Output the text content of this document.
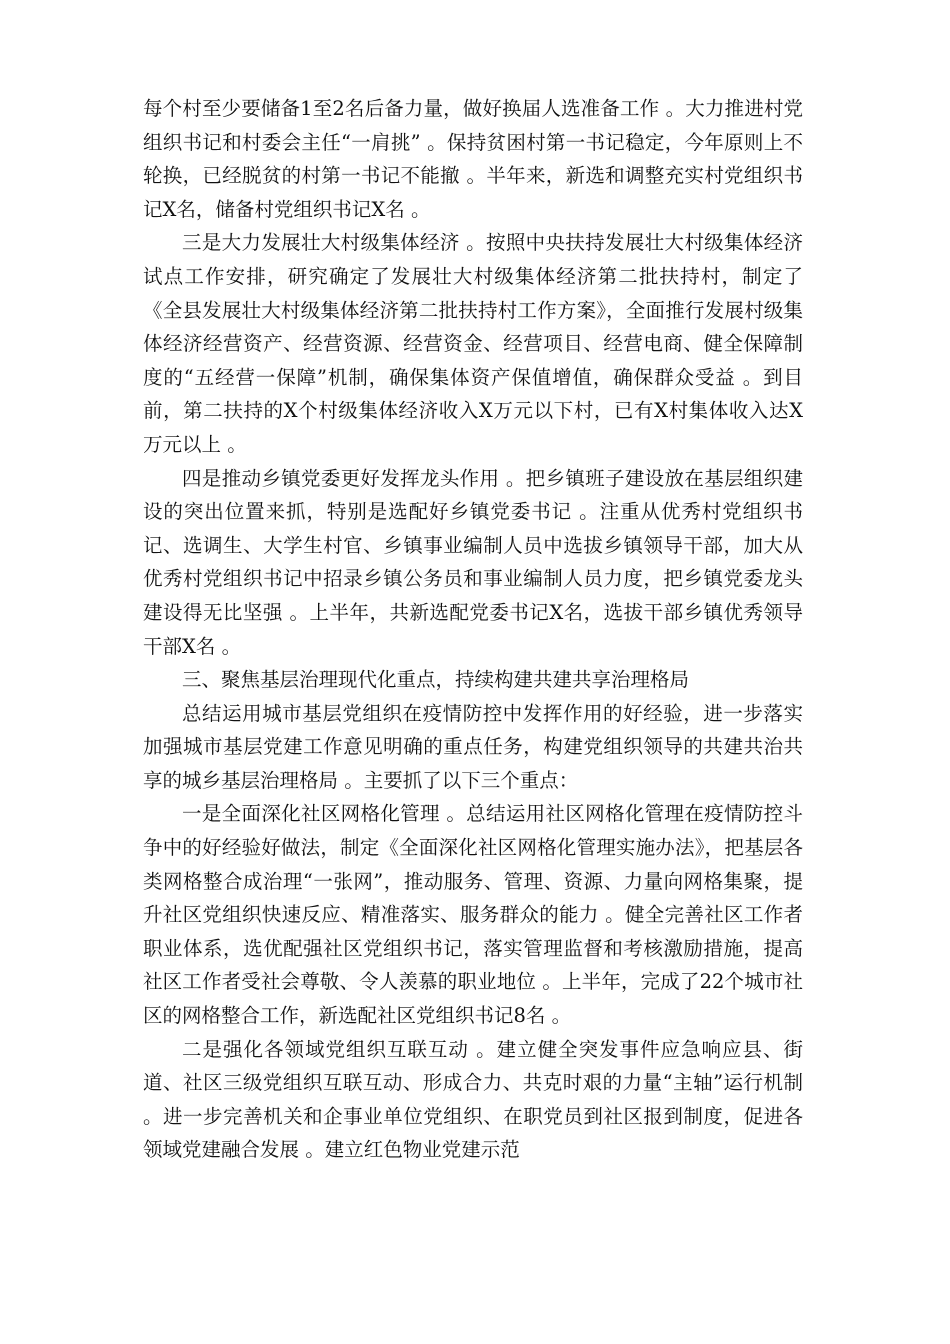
每个村至少要储备1至2名后备力量，做好换届人选准备工作 。大力推进村党组织书记和村委会主任“一肩挑” 。保持贫困村第一书记稳定，今年原则上不轮换，已经脱贫的村第一书记不能撤 。半年来，新选和调整充实村党组织书记X名，储备村党组织书记X名 。

三是大力发展壮大村级集体经济 。按照中央扶持发展壮大村级集体经济试点工作安排，研究确定了发展壮大村级集体经济第二批扶持村，制定了《全县发展壮大村级集体经济第二批扶持村工作方案》，全面推行发展村级集体经济经营资产、经营资源、经营资金、经营项目、经营电商、健全保障制度的“五经营一保障”机制，确保集体资产保值增值，确保群众受益 。到目前，第二扶持的X个村级集体经济收入X万元以下村，已有X村集体收入达X万元以上 。

四是推动乡镇党委更好发挥龙头作用 。把乡镇班子建设放在基层组织建设的突出位置来抓，特别是选配好乡镇党委书记 。注重从优秀村党组织书记、选调生、大学生村官、乡镇事业编制人员中选拔乡镇领导干部，加大从优秀村党组织书记中招录乡镇公务员和事业编制人员力度，把乡镇党委龙头建设得无比坚强 。上半年，共新选配党委书记X名，选拔干部乡镇优秀领导干部X名 。

三、聚焦基层治理现代化重点，持续构建共建共享治理格局

总结运用城市基层党组织在疫情防控中发挥作用的好经验，进一步落实加强城市基层党建工作意见明确的重点任务，构建党组织领导的共建共治共享的城乡基层治理格局 。主要抓了以下三个重点：

一是全面深化社区网格化管理 。总结运用社区网格化管理在疫情防控斗争中的好经验好做法，制定《全面深化社区网格化管理实施办法》，把基层各类网格整合成治理“一张网”，推动服务、管理、资源、力量向网格集聚，提升社区党组织快速反应、精准落实、服务群众的能力 。健全完善社区工作者职业体系，选优配强社区党组织书记，落实管理监督和考核激励措施，提高社区工作者受社会尊敬、令人羡慕的职业地位 。上半年，完成了22个城市社区的网格整合工作，新选配社区党组织书记8名 。

二是强化各领域党组织互联互动 。建立健全突发事件应急响应县、街道、社区三级党组织互联互动、形成合力、共克时艰的力量“主轴”运行机制 。进一步完善机关和企事业单位党组织、在职党员到社区报到制度，促进各领域党建融合发展 。建立红色物业党建示范
